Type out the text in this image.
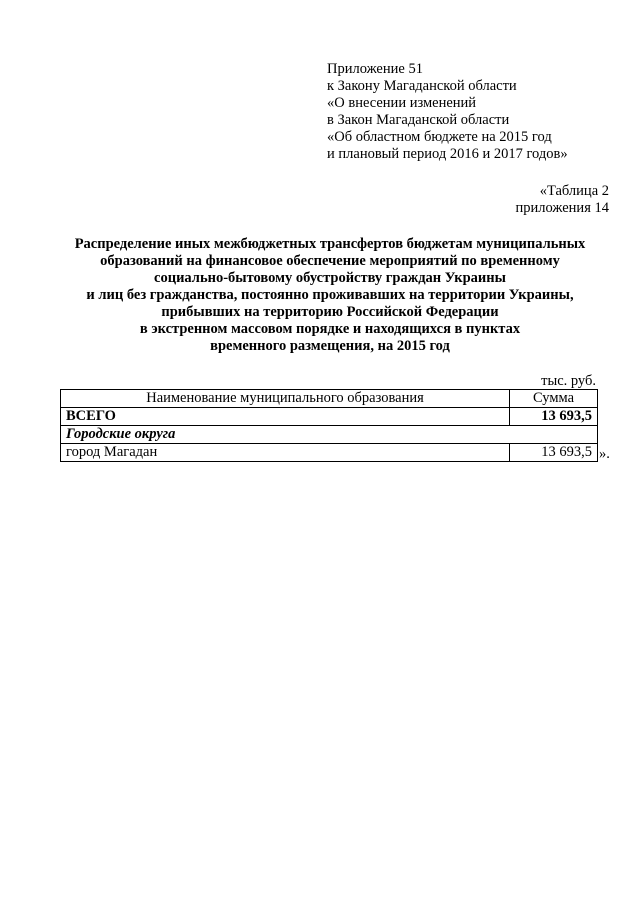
Приложение 51
к Закону Магаданской области
«О внесении изменений
в Закон Магаданской области
«Об областном бюджете на 2015 год
и плановый период 2016 и 2017 годов»
«Таблица 2
приложения 14
Распределение иных межбюджетных трансфертов бюджетам муниципальных
образований на финансовое обеспечение мероприятий по временному
социально-бытовому обустройству граждан Украины
и лиц без гражданства, постоянно проживавших на территории Украины,
прибывших на территорию Российской Федерации
в экстренном массовом порядке и находящихся в пунктах
временного размещения, на 2015 год
тыс. руб.
Наименование муниципального образования	Сумма
ВСЕГО	13 693,5
Городские округа	
город Магадан	13 693,5 ».
